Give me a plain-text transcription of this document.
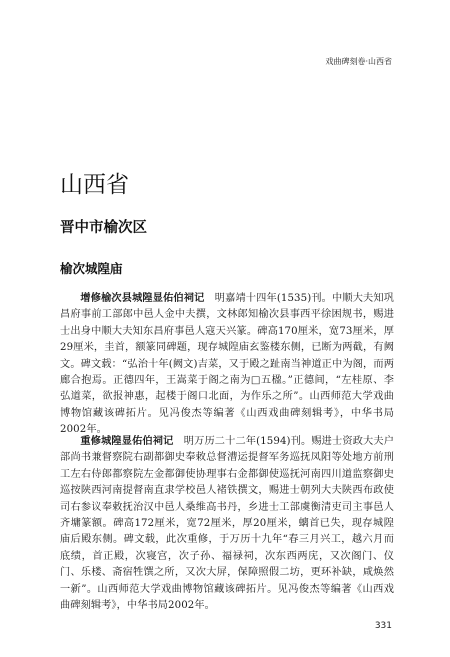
戏曲碑刻卷·山西省
山西省
晋中市榆次区
榆次城隍庙

增修榆次县城隍显佑伯祠记　 明嘉靖十四年(1535)刊。中顺大夫知巩昌府事前工部郎中邑人金中夫撰，文林郎知榆次县事西平徐困规书，赐进士出身中顺大夫知东昌府事邑人寇天兴篆。碑高170厘米，宽73厘米，厚29厘米，圭首，额篆同碑题，现存城隍庙玄鉴楼东侧，已断为两截，有阙文。碑文载：“弘治十年(阙文)吉菜，又于殿之趾南当神道正中为阁，而两廊合抱焉。正德四年，王嵩菜于阁之南为□五楹。”正德间，“左桂原、李弘道菜，欲报神惠，起楼于阁口北面，为作乐之所”。山西师范大学戏曲博物馆藏该碑拓片。见冯俊杰等编著《山西戏曲碑刻辑考》，中华书局2002年。

重修城隍显佑伯祠记　 明万历二十二年(1594)刊。赐进士资政大夫户部尚书兼督察院右副都御史奉敕总督漕运提督军务巡抚凤阳等处地方前刑工左右侍郎都察院左金都御使协理事右金都御使巡抚河南四川道监察御史巡按陕西河南提督南直隶学校邑人褚铁撰文，赐进士朝列大夫陕西布政使司右参议奉敕抚治汉中邑人桑维高书丹，乡进士工部虞衡清吏司主事邑人齐墉篆额。碑高172厘米，宽72厘米，厚20厘米，螭首已失，现存城隍庙后殿东侧。碑文载，此次重修，于万历十九年“春三月兴工，越六月而底绩，首正殿，次寝宫，次子孙、福禄祠，次东西两庑，又次阁门、仪门、乐楼、斋宿牲馔之所，又次大屏，保障照假二坊，更环补缺，咸焕然一新”。山西师范大学戏曲博物馆藏该碑拓片。见冯俊杰等编著《山西戏曲碑刻辑考》，中华书局2002年。

331
